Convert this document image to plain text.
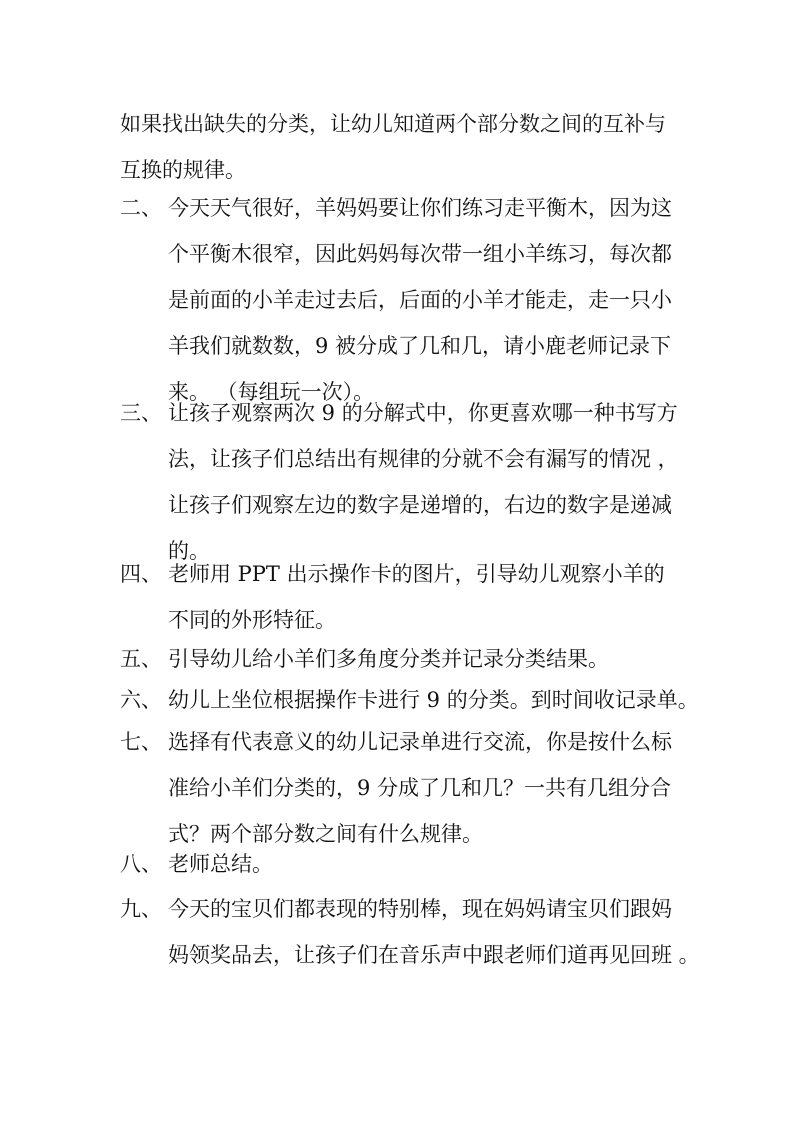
如果找出缺失的分类，让幼儿知道两个部分数之间的互补与
互换的规律。
二、 今天天气很好，羊妈妈要让你们练习走平衡木，因为这
个平衡木很窄，因此妈妈每次带一组小羊练习，每次都
是前面的小羊走过去后，后面的小羊才能走，走一只小
羊我们就数数，9 被分成了几和几，请小鹿老师记录下
来。 （每组玩一次）。
三、 让孩子观察两次 9 的分解式中，你更喜欢哪一种书写方
法，让孩子们总结出有规律的分就不会有漏写的情况 ，
让孩子们观察左边的数字是递增的，右边的数字是递减
的。
四、 老师用 PPT 出示操作卡的图片，引导幼儿观察小羊的
不同的外形特征。
五、 引导幼儿给小羊们多角度分类并记录分类结果。
六、 幼儿上坐位根据操作卡进行 9 的分类。到时间收记录单。
七、 选择有代表意义的幼儿记录单进行交流，你是按什么标
准给小羊们分类的，9 分成了几和几？一共有几组分合
式？两个部分数之间有什么规律。
八、 老师总结。
九、 今天的宝贝们都表现的特别棒，现在妈妈请宝贝们跟妈
妈领奖品去，让孩子们在音乐声中跟老师们道再见回班 。
